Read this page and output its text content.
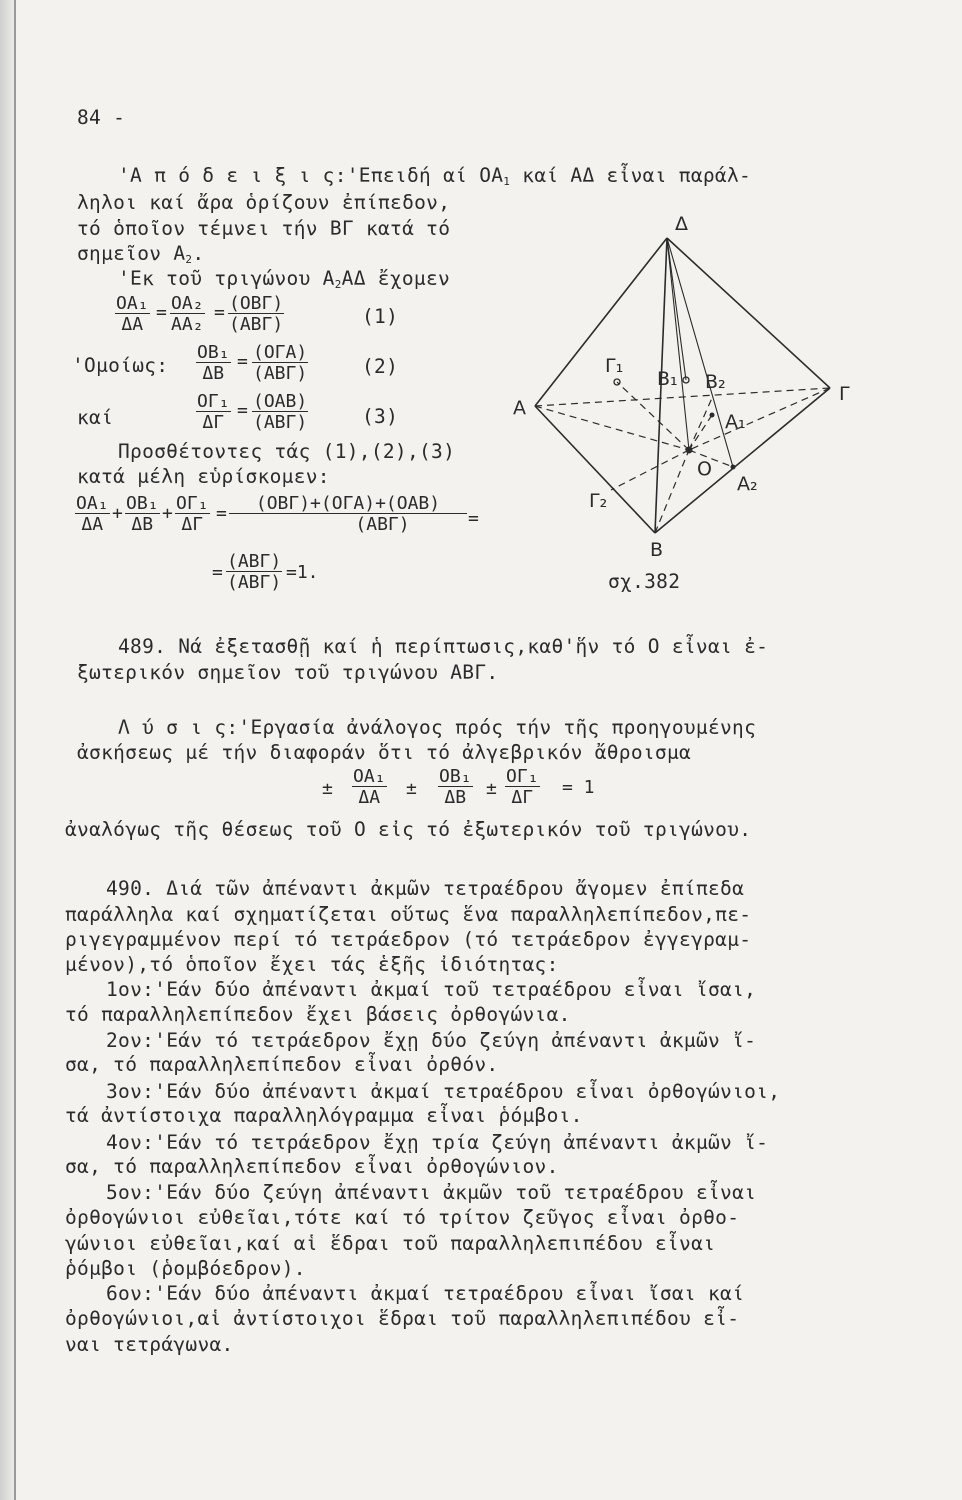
84 -
'Α π ό δ ε ι ξ ι ς:'Επειδή αί $OA_1$ καί ΑΔ εἶναι παράλ-
ληλοι καί ἄρα ὁρίζουν ἐπίπεδον,
τό ὁποῖον τέμνει τήν ΒΓ κατά τό
σημεῖον $A_2$.
'Εκ τοῦ τριγώνου $A_2A\Delta$ ἔχομεν
$\frac{\text{ΟΑ₁}}{\Delta A} = \frac{\text{ΟΑ₂}}{\text{ΑΑ₂}} = (OB\Gamma)$
(ΑΒΓ)	(1)
'Ομοίως: $\frac{\text{ΟΒ₁}}{\Delta B} = (O\Gamma A)$
(ΑΒΓ)	(2)
καί	$\frac{\text{ΟΓ₁}}{\Delta\Gamma} = (OAB)$
(ΑΒΓ)	(3)
Προσθέτοντες τάς (1),(2),(3)
κατά μέλη εὑρίσκομεν:
$\frac{\text{ΟΑ₁}}{\Delta A} + \frac{\text{ΟΒ₁}}{\Delta B} + \frac{\text{ΟΓ₁}}{\Delta\Gamma}$ =	(ΟΒΓ)+(ΟΓΑ)+(ΟΑΒ)
(ΑΒΓ)	=
=
(ΑΒΓ)
(ΑΒΓ) =1.
Δ
Α
Γ
Β
Ο
Α₁
Α₂
Β₁ Β₂
Γ₁
Γ₂
σχ.382
489. Νά ἐξετασθῇ καί ἡ περίπτωσις,καθ'ἥν τό Ο εἶναι ἐ-
ξωτερικόν σημεῖον τοῦ τριγώνου ΑΒΓ.
Λ ύ σ ι ς:'Εργασία ἀνάλογος πρός τήν τῆς προηγουμένης
ἀσκήσεως μέ τήν διαφοράν ὅτι τό ἀλγεβρικόν ἄθροισμα
± $\frac{\text{ΟΑ₁}}{\Delta A} \pm \frac{\text{ΟΒ₁}}{\Delta B} \pm \frac{\text{ΟΓ₁}}{\Delta\Gamma} = 1$
ἀναλόγως τῆς θέσεως τοῦ Ο εἰς τό ἐξωτερικόν τοῦ τριγώνου.
490. Διά τῶν ἀπέναντι ἀκμῶν τετραέδρου ἄγομεν ἐπίπεδα
παράλληλα καί σχηματίζεται οὕτως ἕνα παραλληλεπίπεδον,πε-
ριγεγραμμένον περί τό τετράεδρον (τό τετράεδρον ἐγγεγραμ-
μένον),τό ὁποῖον ἔχει τάς ἑξῆς ἰδιότητας:
1ον:'Εάν δύο ἀπέναντι ἀκμαί τοῦ τετραέδρου εἶναι ἴσαι,
τό παραλληλεπίπεδον ἔχει βάσεις ὀρθογώνια.
2ον:'Εάν τό τετράεδρον ἔχῃ δύο ζεύγη ἀπέναντι ἀκμῶν ἴ-
σα, τό παραλληλεπίπεδον εἶναι ὀρθόν.
3ον:'Εάν δύο ἀπέναντι ἀκμαί τετραέδρου εἶναι ὀρθογώνιοι,
τά ἀντίστοιχα παραλληλόγραμμα εἶναι ῥόμβοι.
4ον:'Εάν τό τετράεδρον ἔχῃ τρία ζεύγη ἀπέναντι ἀκμῶν ἴ-
σα, τό παραλληλεπίπεδον εἶναι ὀρθογώνιον.
5ον:'Εάν δύο ζεύγη ἀπέναντι ἀκμῶν τοῦ τετραέδρου εἶναι
ὀρθογώνιοι εὐθεῖαι,τότε καί τό τρίτον ζεῦγος εἶναι ὀρθο-
γώνιοι εὐθεῖαι,καί αἱ ἕδραι τοῦ παραλληλεπιπέδου εἶναι
ῥόμβοι (ῥομβόεδρον).
6ον:'Εάν δύο ἀπέναντι ἀκμαί τετραέδρου εἶναι ἴσαι καί
ὀρθογώνιοι,αἱ ἀντίστοιχοι ἕδραι τοῦ παραλληλεπιπέδου εἶ-
ναι τετράγωνα.
